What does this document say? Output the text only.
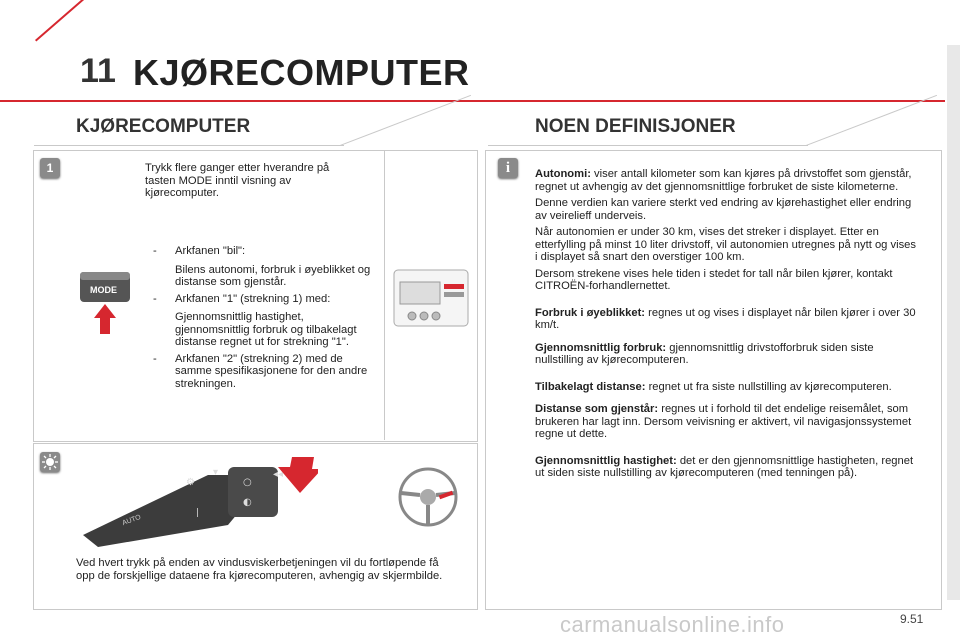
11 KJØRECOMPUTER
KJØRECOMPUTER
1	Trykk flere ganger etter hverandre på tasten MODE inntil visning av kjørecomputer.
MODE
- Arkfanen "bil":

Bilens autonomi, forbruk i øyeblikket og distanse som gjenstår.

- Arkfanen "1" (strekning 1) med:

Gjennomsnittlig hastighet, gjennomsnittlig forbruk og tilbakelagt distanse regnet ut for strekning "1".

- Arkfanen "2" (strekning 2) med de samme spesifikasjonene for den andre strekningen.

⚙
|
▾
○
◐
◂◂
AUTO
Ved hvert trykk på enden av vindusviskerbetjeningen vil du fortløpende få opp de forskjellige dataene fra kjørecomputeren, avhengig av skjermbilde.
NOEN DEFINISJONER
i	Autonomi: viser antall kilometer som kan kjøres på drivstoffet som gjenstår, regnet ut avhengig av det gjennomsnittlige forbruket de siste kilometerne.

Denne verdien kan variere sterkt ved endring av kjørehastighet eller endring av veirelieff underveis.

Når autonomien er under 30 km, vises det streker i displayet. Etter en etterfylling på minst 10 liter drivstoff, vil autonomien utregnes på nytt og vises i displayet så snart den overstiger 100 km.

Dersom strekene vises hele tiden i stedet for tall når bilen kjører, kontakt CITROËN-forhandlernettet.

Forbruk i øyeblikket: regnes ut og vises i displayet når bilen kjører i over 30 km/t.

Gjennomsnittlig forbruk: gjennomsnittlig drivstofforbruk siden siste nullstilling av kjørecomputeren.

Tilbakelagt distanse: regnet ut fra siste nullstilling av kjørecomputeren.

Distanse som gjenstår: regnes ut i forhold til det endelige reisemålet, som brukeren har lagt inn. Dersom veivisning er aktivert, vil navigasjonssystemet regne ut dette.

Gjennomsnittlig hastighet: det er den gjennomsnittlige hastigheten, regnet ut siden siste nullstilling av kjørecomputeren (med tenningen på).

carmanualsonline.info	9.51
